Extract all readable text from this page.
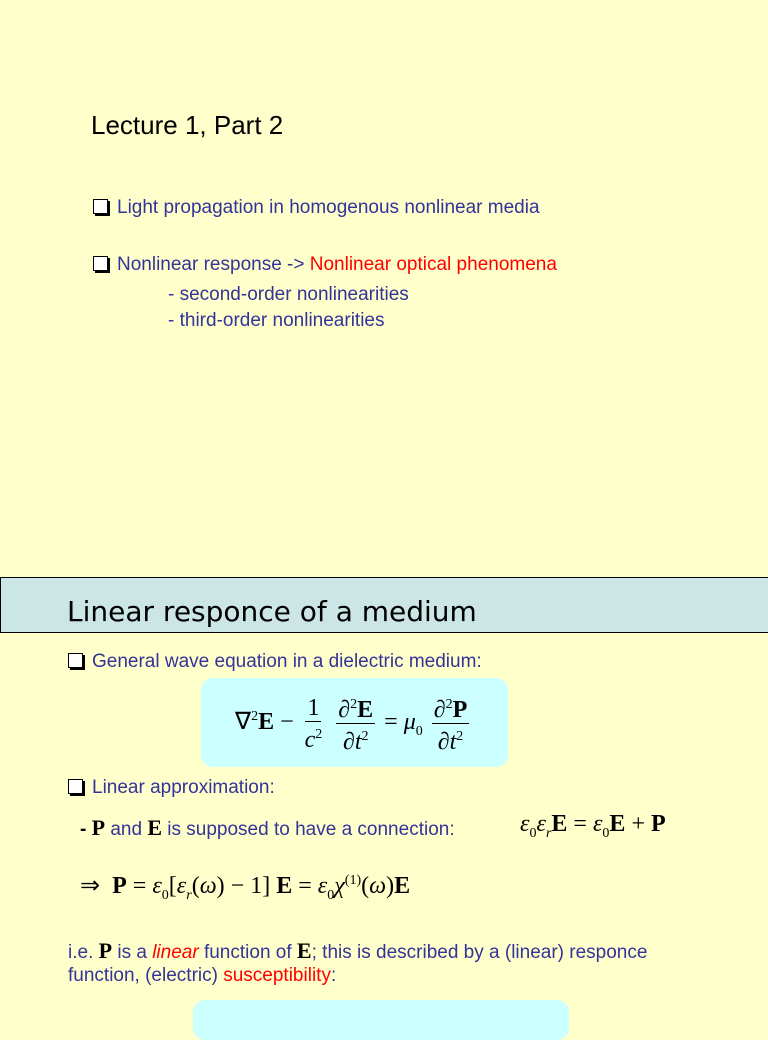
Lecture 1, Part 2
Light propagation in homogenous nonlinear media
Nonlinear response -> Nonlinear optical phenomena
- second-order nonlinearities
- third-order nonlinearities
Linear responce of a medium
General wave equation in a dielectric medium:
$\nabla^2E - \frac{1}{c^2}$
$\frac{\partial^2E}{\partial t^2} = \mu_0 \frac{\partial^2P}{\partial t^2}$
Linear approximation:
- P and E is supposed to have a connection:	$\varepsilon_0\varepsilon_rE = \varepsilon_0E + P$
⇒  $P = \varepsilon_0[\varepsilon_r(\omega) - 1] E = \varepsilon_0\chi^{(1)}(\omega)E$
i.e. P is a linear function of E; this is described by a (linear) responce
function, (electric) susceptibility:
